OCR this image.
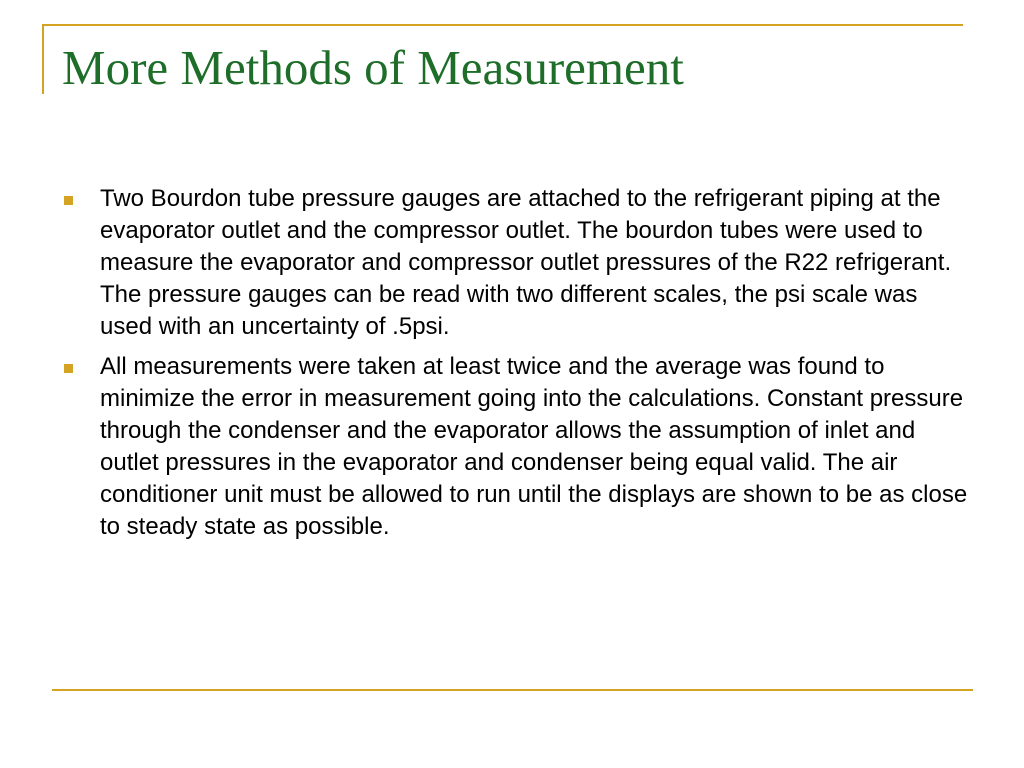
More Methods of Measurement
Two Bourdon tube pressure gauges are attached to the refrigerant piping at the evaporator outlet and the compressor outlet. The bourdon tubes were used to measure the evaporator and compressor outlet pressures of the R22 refrigerant. The pressure gauges can be read with two different scales, the psi scale was used with an uncertainty of .5psi.
All measurements were taken at least twice and the average was found to minimize the error in measurement going into the calculations. Constant pressure through the condenser and the evaporator allows the assumption of inlet and outlet pressures in the evaporator and condenser being equal valid. The air conditioner unit must be allowed to run until the displays are shown to be as close to steady state as possible.
